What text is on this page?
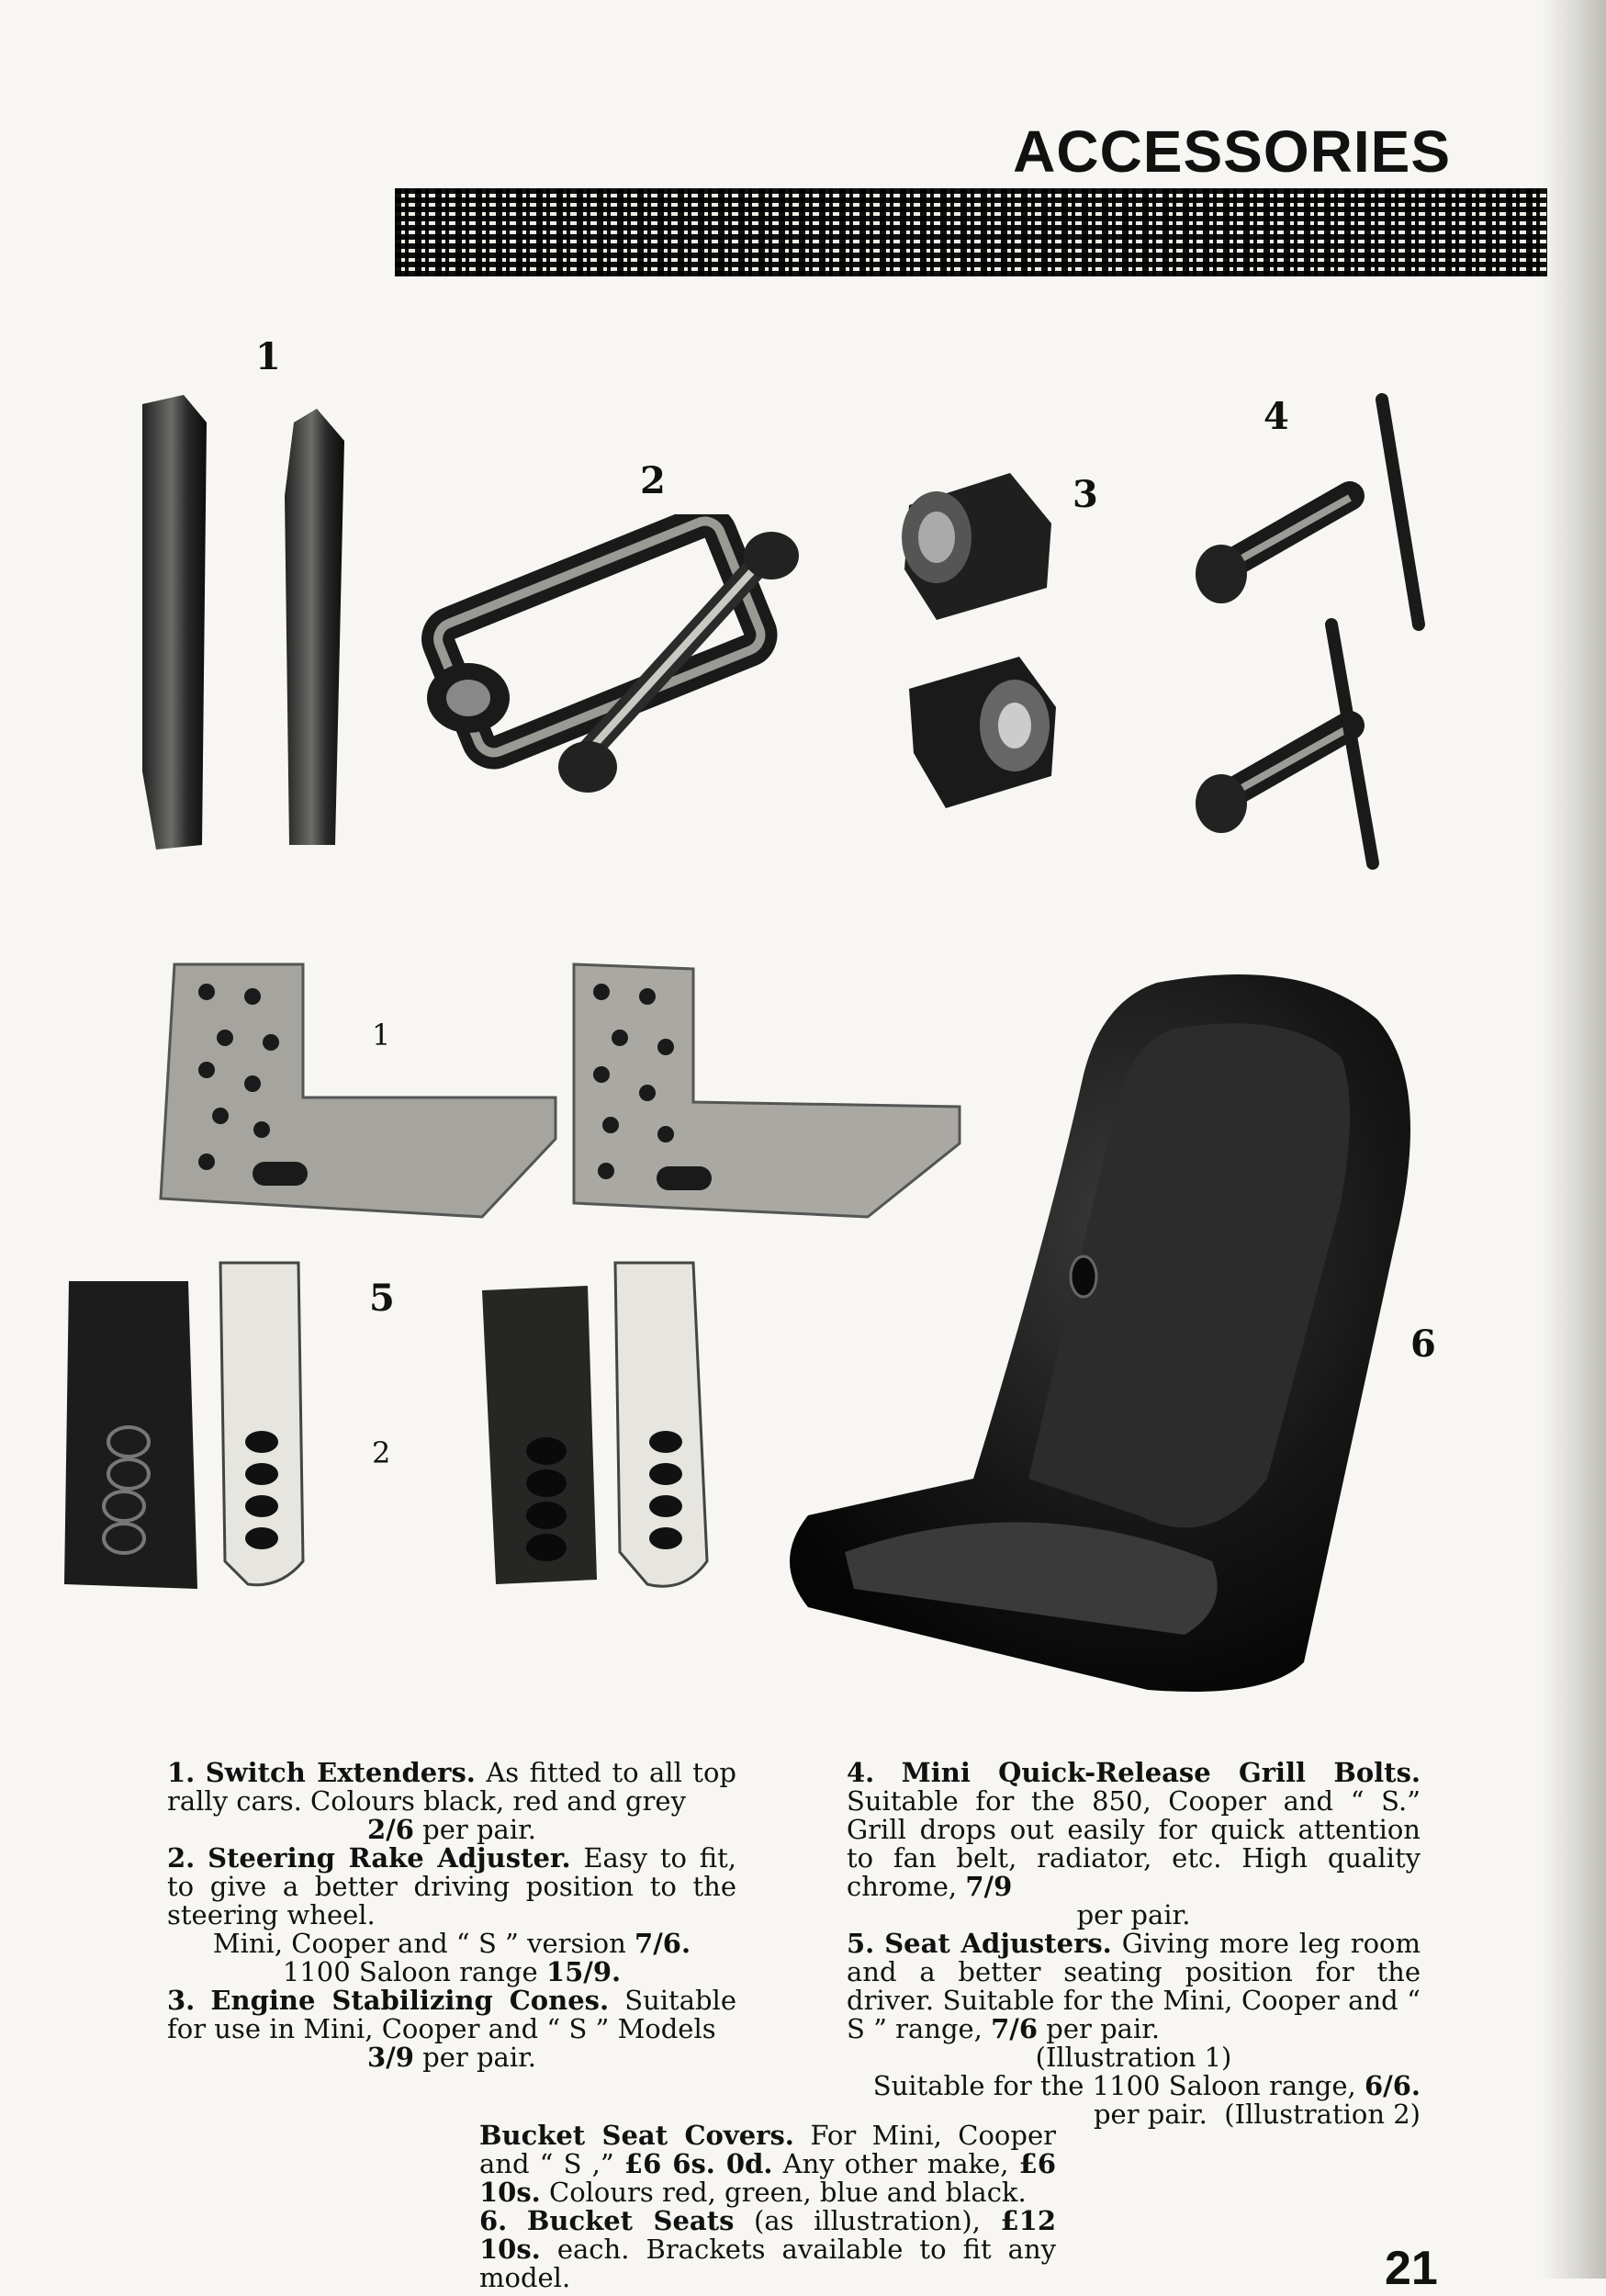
ACCESSORIES
1
2	3
4
5
6
1
2

1. Switch Extenders. As fitted to all top rally cars. Colours black, red and grey

2/6 per pair.

2. Steering Rake Adjuster. Easy to fit, to give a better driving position to the steering wheel.

Mini, Cooper and “ S ” version 7/6.

1100 Saloon range 15/9.

3. Engine Stabilizing Cones. Suitable for use in Mini, Cooper and “ S ” Models

3/9 per pair.

4. Mini Quick-Release Grill Bolts. Suitable for the 850, Cooper and “ S.” Grill drops out easily for quick attention to fan belt, radiator, etc. High quality chrome, 7/9

per pair.

5. Seat Adjusters. Giving more leg room and a better seating position for the driver. Suitable for the Mini, Cooper and “ S ” range, 7/6 per pair.

(Illustration 1)

Suitable for the 1100 Saloon range, 6/6.

per pair. (Illustration 2)

Bucket Seat Covers. For Mini, Cooper and “ S ,” £6 6s. 0d. Any other make, £6 10s. Colours red, green, blue and black.

6. Bucket Seats (as illustration), £12 10s. each. Brackets available to fit any model.	21
